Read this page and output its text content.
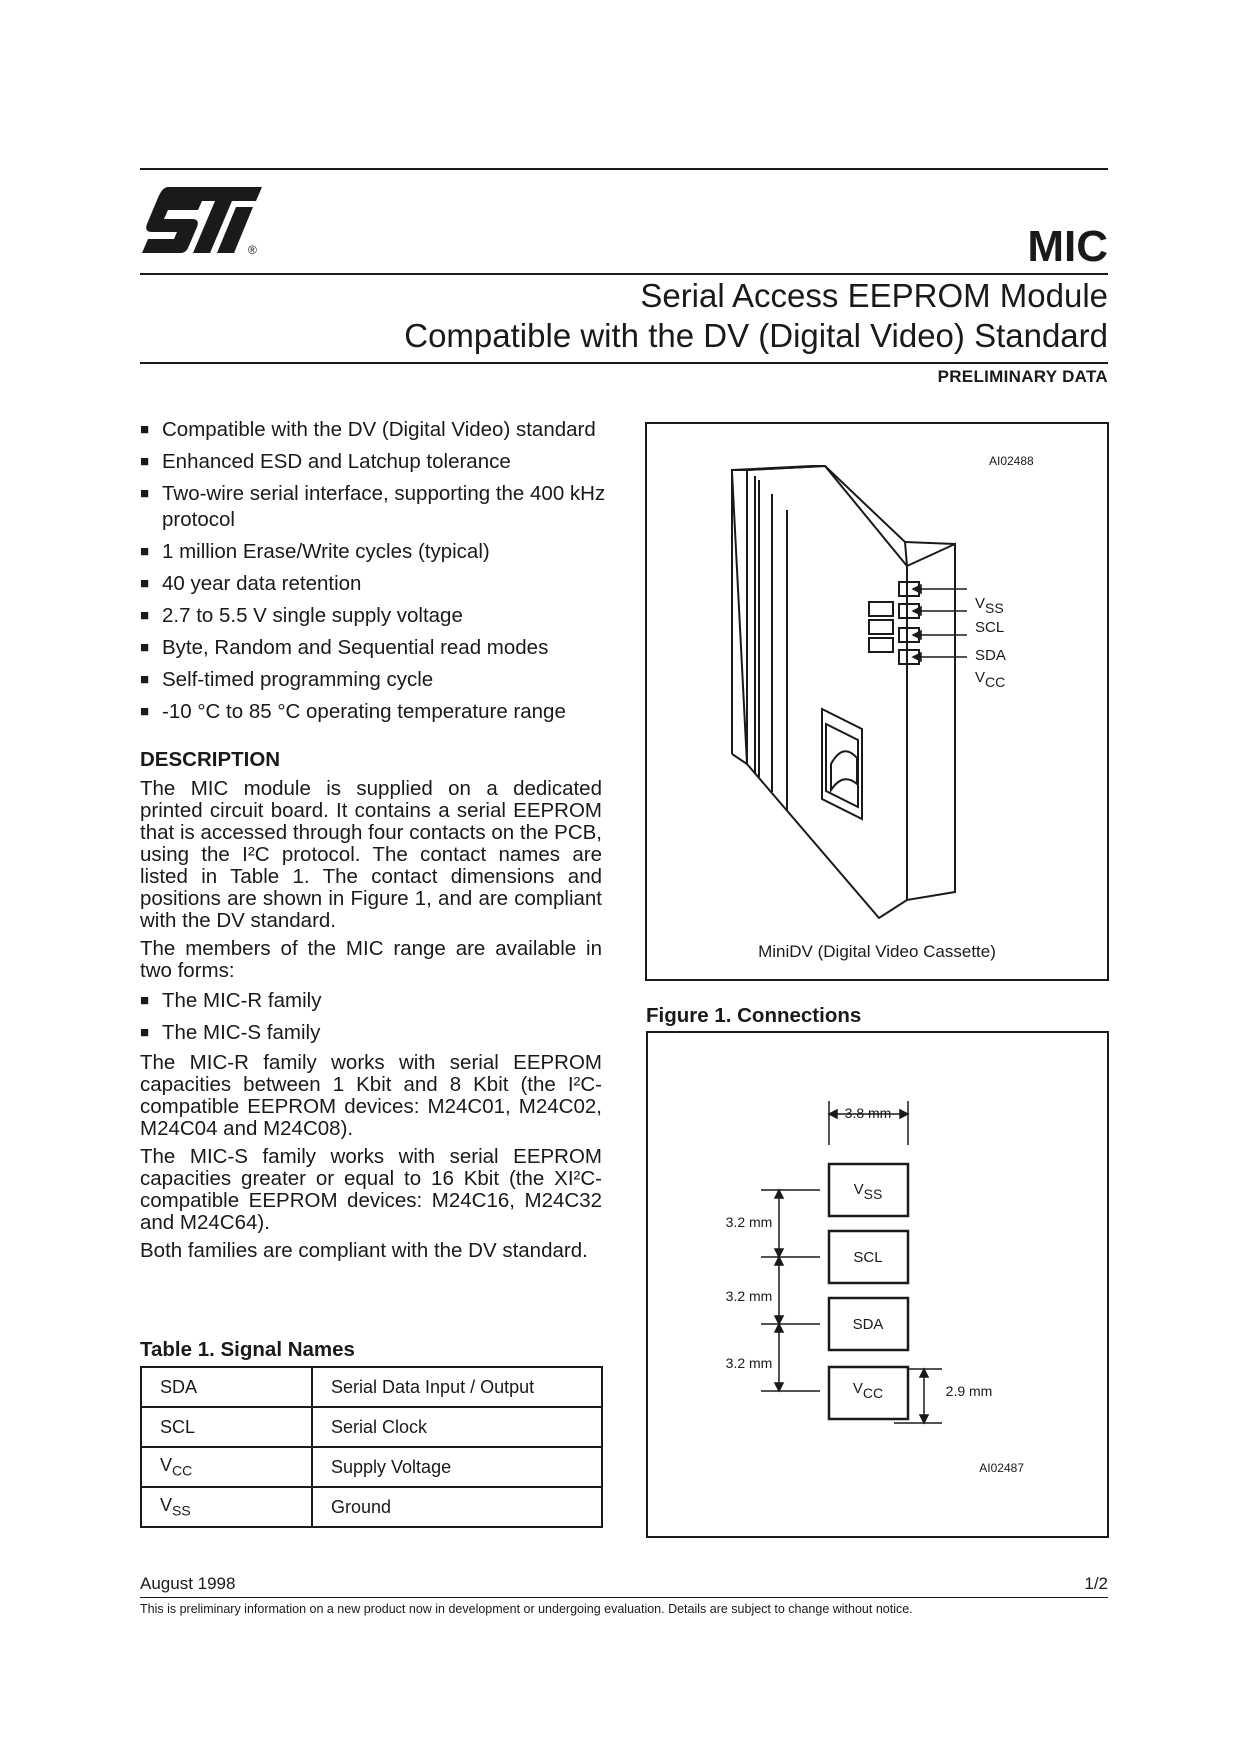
®	MIC
Serial Access EEPROM Module
Compatible with the DV (Digital Video) Standard
PRELIMINARY DATA
■ Compatible with the DV (Digital Video) standard
■ Enhanced ESD and Latchup tolerance
■ Two-wire serial interface, supporting the 400 kHz protocol
■ 1 million Erase/Write cycles (typical)
■ 40 year data retention
■ 2.7 to 5.5 V single supply voltage
■ Byte, Random and Sequential read modes
■ Self-timed programming cycle
■ -10 °C to 85 °C operating temperature range
DESCRIPTION

The MIC module is supplied on a dedicated printed circuit board. It contains a serial EEPROM that is accessed through four contacts on the PCB, using the I²C protocol. The contact names are listed in Table 1. The contact dimensions and positions are shown in Figure 1, and are compliant with the DV standard.

The members of the MIC range are available in two forms:

■ The MIC-R family
■ The MIC-S family

The MIC-R family works with serial EEPROM capacities between 1 Kbit and 8 Kbit (the I²C-compatible EEPROM devices: M24C01, M24C02, M24C04 and M24C08).

The MIC-S family works with serial EEPROM capacities greater or equal to 16 Kbit (the XI²C-compatible EEPROM devices: M24C16, M24C32 and M24C64).

Both families are compliant with the DV standard.

Table 1. Signal Names
SDA	Serial Data Input / Output
SCL	Serial Clock
$V_{CC}$	Supply Voltage
$V_{SS}$	Ground
AI02488
VSS
SCL
SDA
VCC
MiniDV (Digital Video Cassette)
Figure 1. Connections
3.8 mm
3.2 mm
3.2 mm
3.2 mm
2.9 mm
VSS
SCL
SDA
VCC
AI02487
August 1998	1/2
This is preliminary information on a new product now in development or undergoing evaluation. Details are subject to change without notice.
